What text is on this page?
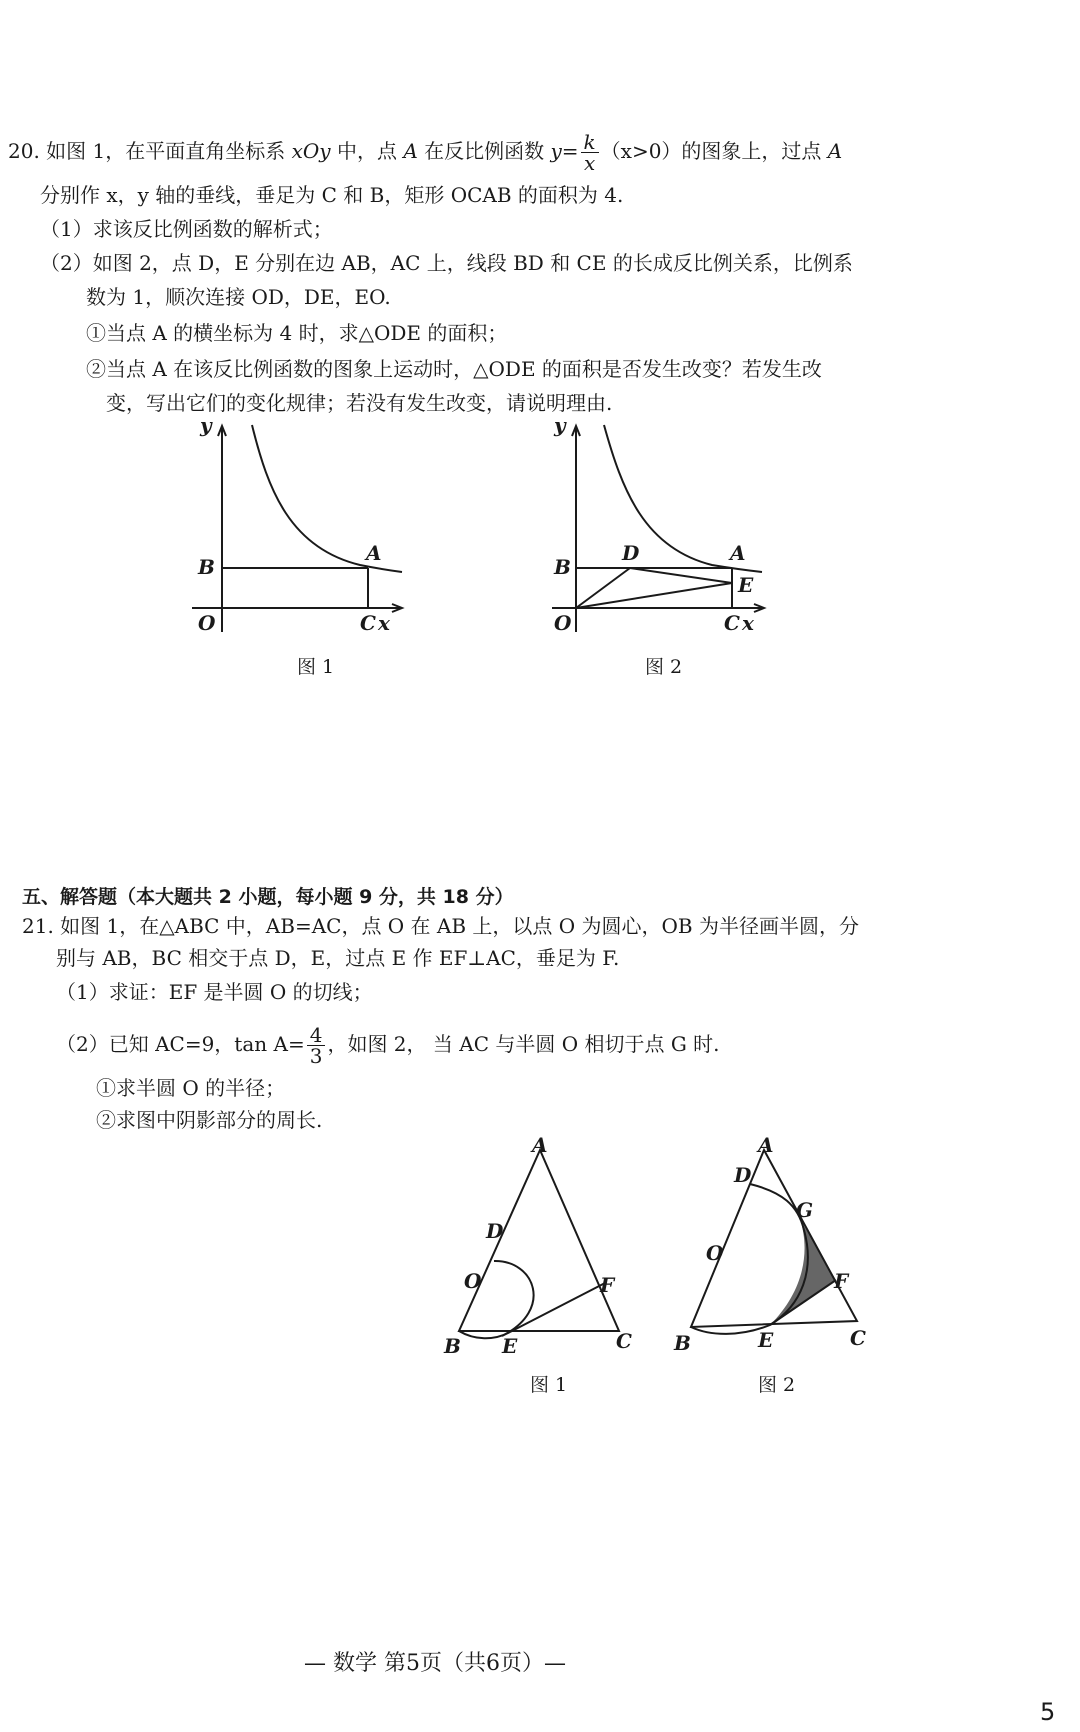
20. 如图 1，在平面直角坐标系 xOy 中，点 A 在反比例函数 $y= \frac{k}{x} (x>0)$的图象上，过点 A
分别作 x，y 轴的垂线，垂足为 C 和 B，矩形 OCAB 的面积为 4.
（1）求该反比例函数的解析式；
（2）如图 2，点 D，E 分别在边 AB，AC 上，线段 BD 和 CE 的长成反比例关系，比例系
数为 1，顺次连接 OD，DE，EO.
①当点 A 的横坐标为 4 时，求△ODE 的面积；
②当点 A 在该反比例函数的图象上运动时，△ODE 的面积是否发生改变？若发生改
变，写出它们的变化规律；若没有发生改变，请说明理由.
y
B
A
O	C x
图 1
y
B
D	A
E
O	C x
图 2
五、解答题（本大题共 2 小题，每小题 9 分，共 18 分）
21. 如图 1，在△ABC 中，AB=AC，点 O 在 AB 上，以点 O 为圆心，OB 为半径画半圆，分
别与 AB，BC 相交于点 D，E，过点 E 作 EF⊥AC，垂足为 F.
（1）求证：EF 是半圆 O 的切线；
（2）已知 AC=9，$\tan A= \frac{4}{3}$ ，如图 2， 当 AC 与半圆 O 相切于点 G 时.
①求半圆 O 的半径；
②求图中阴影部分的周长.
A
D
O	F
B E	C
图 1
A
D
G
O
F
B	E	C
图 2
— 数学 第5页（共6页）—
5
